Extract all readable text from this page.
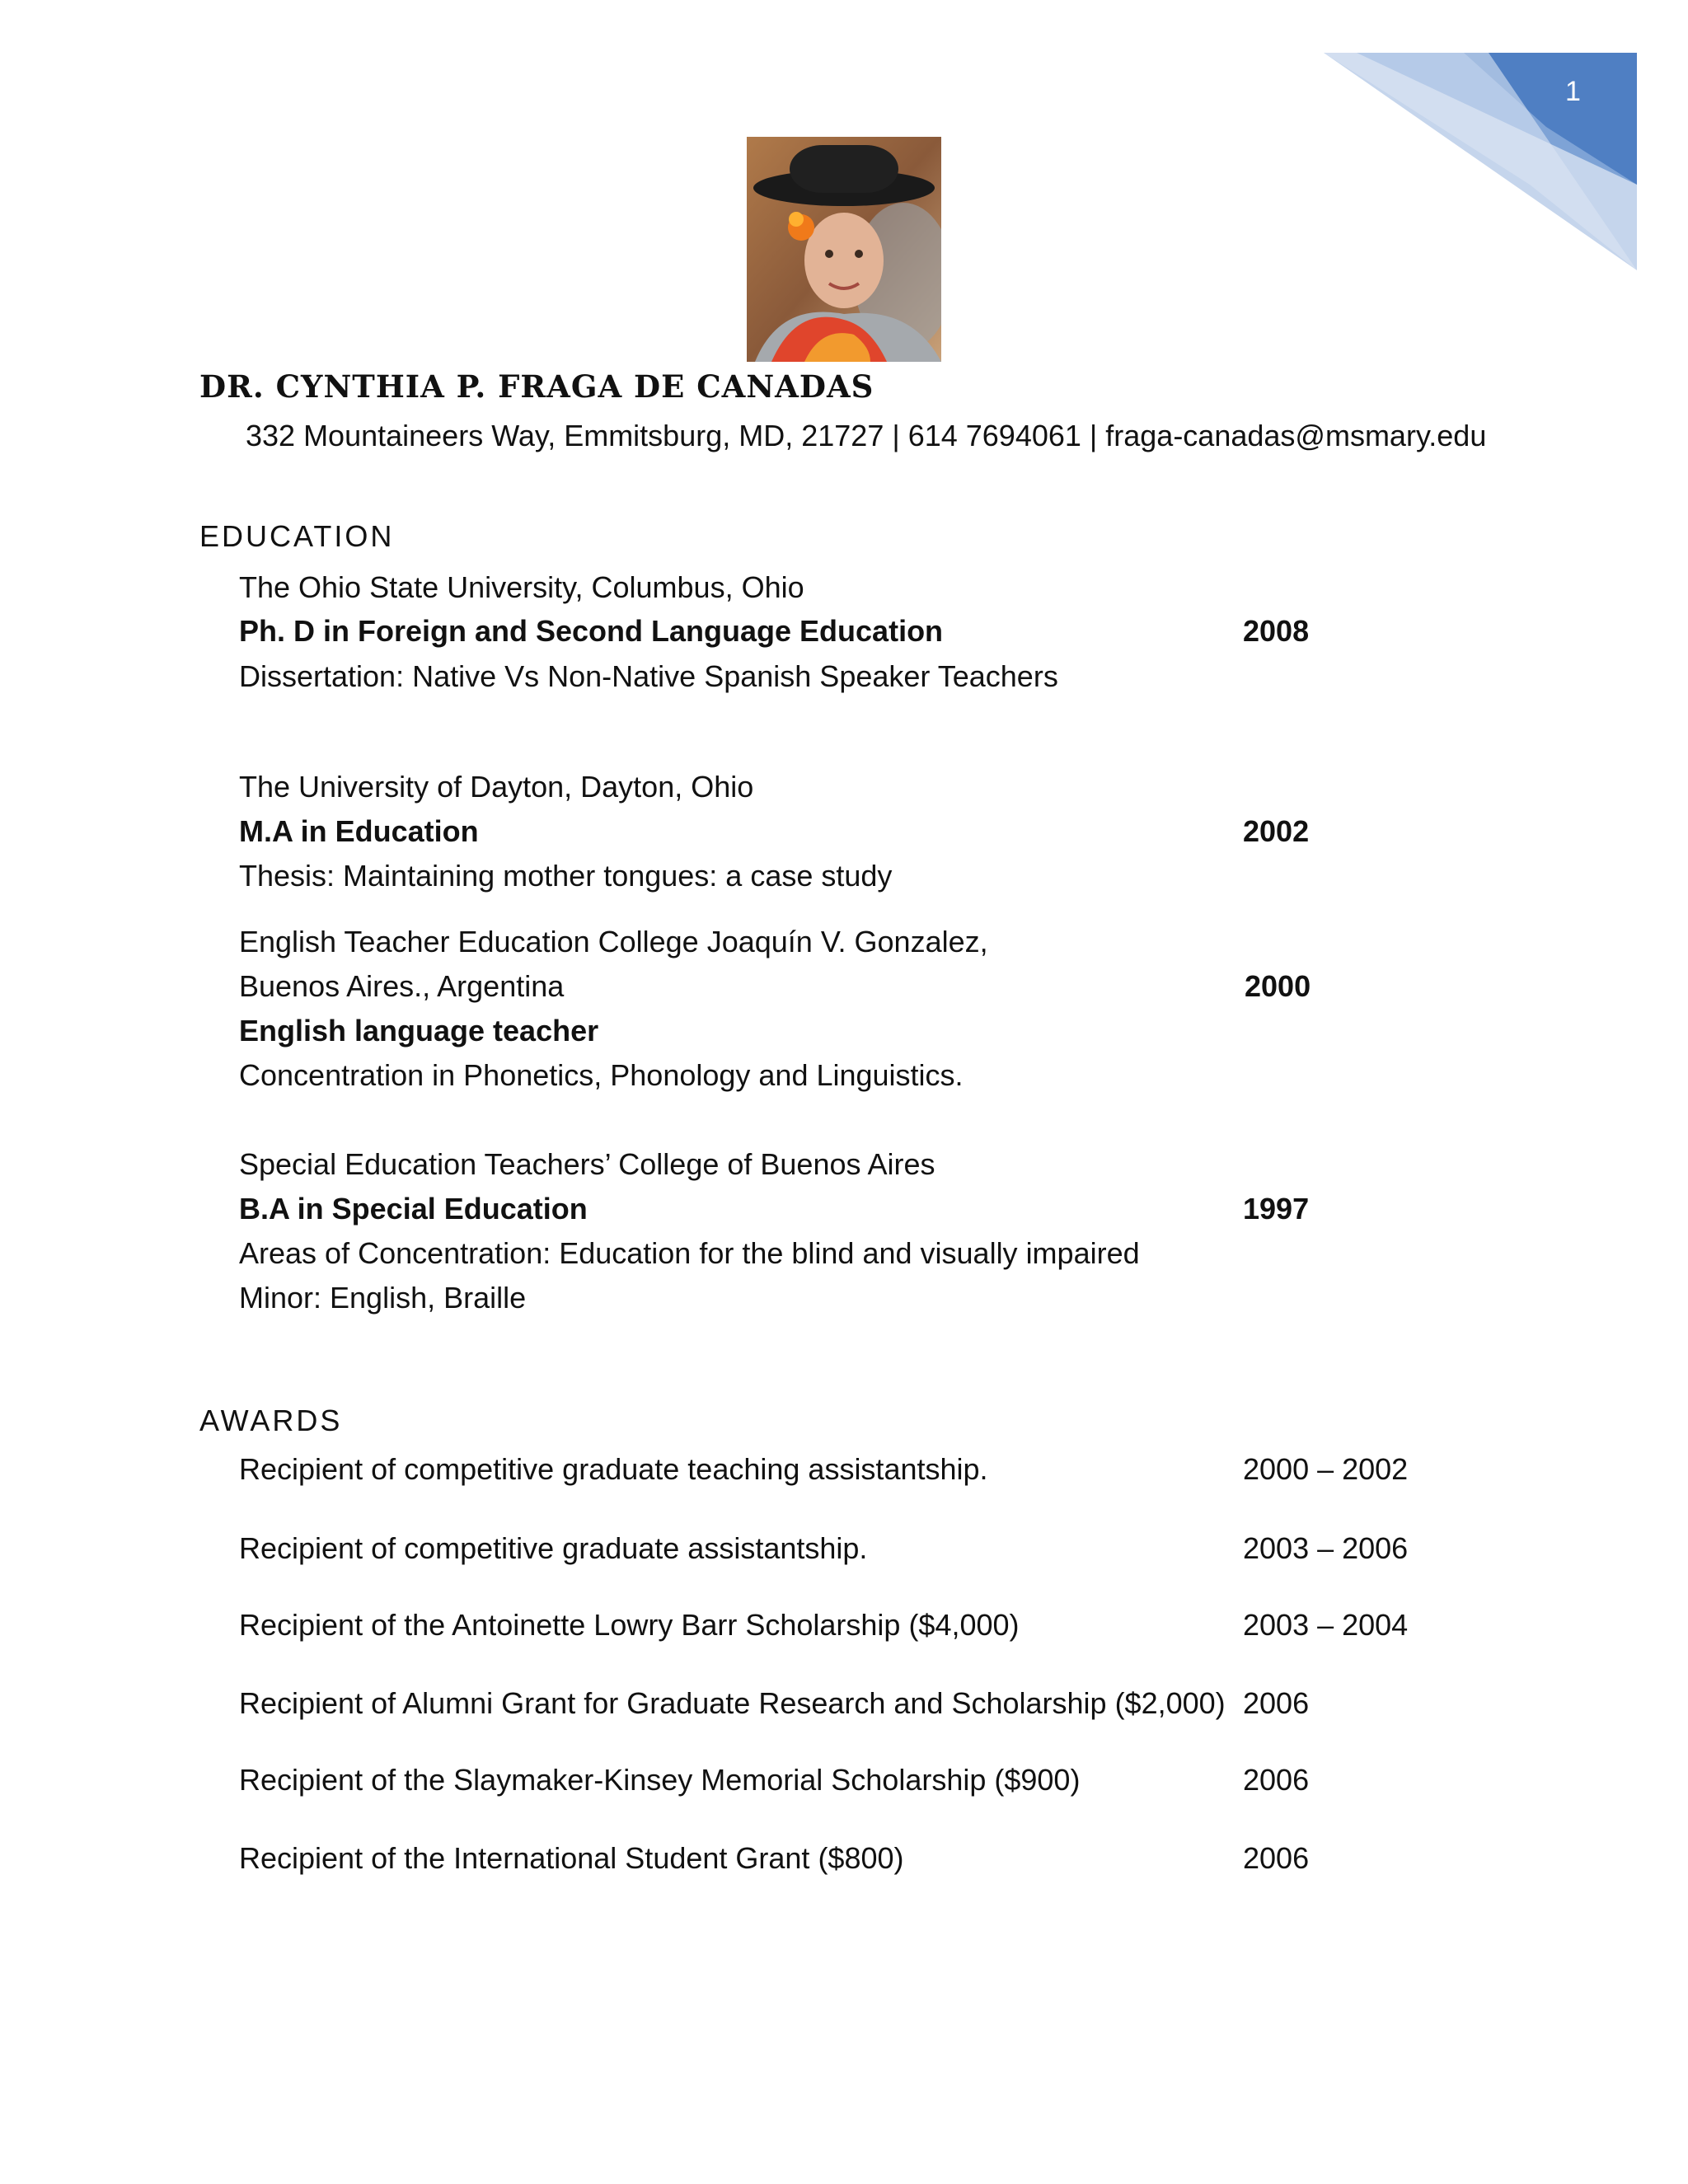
1
DR. CYNTHIA P. FRAGA DE CANADAS
332 Mountaineers Way, Emmitsburg, MD, 21727 | 614 7694061 | fraga-canadas@msmary.edu
EDUCATION
The Ohio State University, Columbus, Ohio
Ph. D in Foreign and Second Language Education	2008
Dissertation: Native Vs Non-Native Spanish Speaker Teachers
The University of Dayton, Dayton, Ohio
M.A in Education	2002
Thesis: Maintaining mother tongues: a case study
English Teacher Education College Joaquín V. Gonzalez,
Buenos Aires., Argentina	2000
English language teacher
Concentration in Phonetics, Phonology and Linguistics.
Special Education Teachers’ College of Buenos Aires
B.A in Special Education	1997
Areas of Concentration: Education for the blind and visually impaired
Minor: English, Braille
AWARDS
Recipient of competitive graduate teaching assistantship.	2000 – 2002
Recipient of competitive graduate assistantship.	2003 – 2006
Recipient of the Antoinette Lowry Barr Scholarship ($4,000)	2003 – 2004
Recipient of Alumni Grant for Graduate Research and Scholarship ($2,000) 2006
Recipient of the Slaymaker-Kinsey Memorial Scholarship ($900)	2006
Recipient of the International Student Grant ($800)	2006
